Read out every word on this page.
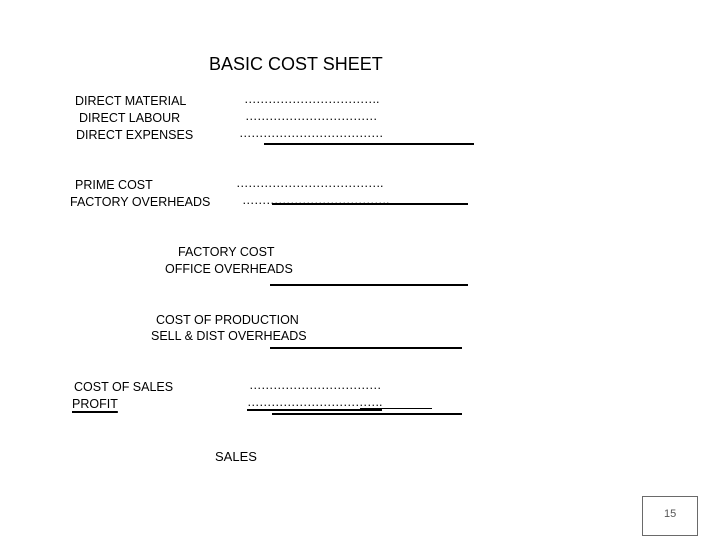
BASIC COST SHEET
DIRECT MATERIAL	…………………………….
DIRECT LABOUR	……………………………
DIRECT EXPENSES	………………………………
PRIME COST	……………………………….
FACTORY OVERHEADS	……………………………….
FACTORY COST
OFFICE OVERHEADS
COST OF PRODUCTION
SELL & DIST OVERHEADS
COST OF SALES	……………………………
PROFIT	…………………………….
SALES
15
